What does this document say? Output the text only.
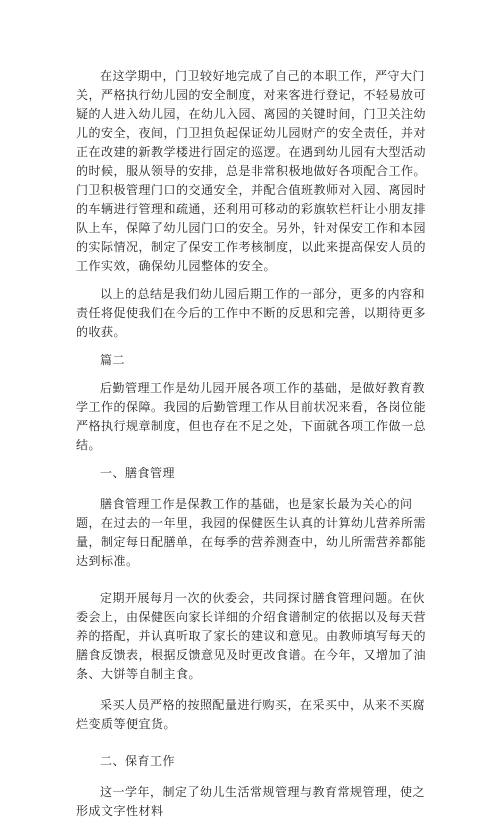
在这学期中，门卫较好地完成了自己的本职工作，严守大门关，严格执行幼儿园的安全制度，对来客进行登记，不轻易放可疑的人进入幼儿园，在幼儿入园、离园的关键时间，门卫关注幼儿的安全，夜间，门卫担负起保证幼儿园财产的安全责任，并对正在改建的新教学楼进行固定的巡逻。在遇到幼儿园有大型活动的时候，服从领导的安排，总是非常积极地做好各项配合工作。门卫积极管理门口的交通安全，并配合值班教师对入园、离园时的车辆进行管理和疏通，还利用可移动的彩旗软栏杆让小朋友排队上车，保障了幼儿园门口的安全。另外，针对保安工作和本园的实际情况，制定了保安工作考核制度，以此来提高保安人员的工作实效，确保幼儿园整体的安全。

以上的总结是我们幼儿园后期工作的一部分，更多的内容和责任将促使我们在今后的工作中不断的反思和完善，以期待更多的收获。

篇二

后勤管理工作是幼儿园开展各项工作的基础，是做好教育教学工作的保障。我园的后勤管理工作从目前状况来看，各岗位能严格执行规章制度，但也存在不足之处，下面就各项工作做一总结。

一、膳食管理

膳食管理工作是保教工作的基础，也是家长最为关心的问题，在过去的一年里，我园的保健医生认真的计算幼儿营养所需量，制定每日配膳单，在每季的营养测查中，幼儿所需营养都能达到标准。

定期开展每月一次的伙委会，共同探讨膳食管理问题。在伙委会上，由保健医向家长详细的介绍食谱制定的依据以及每天营养的搭配，并认真听取了家长的建议和意见。由教师填写每天的膳食反馈表，根据反馈意见及时更改食谱。在今年，又增加了油条、大饼等自制主食。

采买人员严格的按照配量进行购买，在采买中，从来不买腐烂变质等便宜货。

二、保育工作

这一学年，制定了幼儿生活常规管理与教育常规管理，使之形成文字性材料
